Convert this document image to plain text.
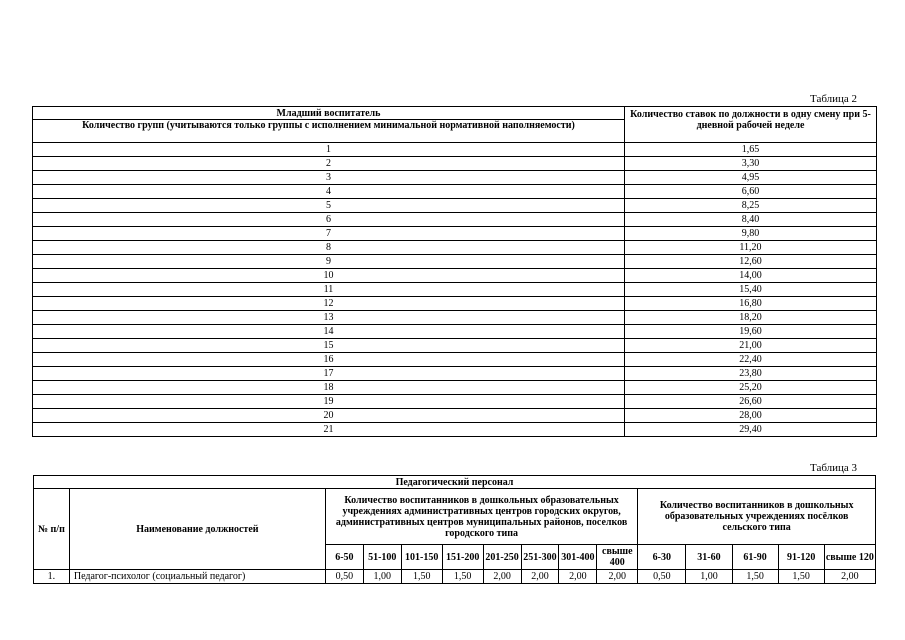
Таблица 2
Младший воспитатель	Количество ставок по должности в одну смену при 5-дневной рабочей неделе
Количество групп (учитываются только группы с исполнением минимальной нормативной наполняемости)	
1	1,65
2	3,30
3	4,95
4	6,60
5	8,25
6	8,40
7	9,80
8	11,20
9	12,60
10	14,00
11	15,40
12	16,80
13	18,20
14	19,60
15	21,00
16	22,40
17	23,80
18	25,20
19	26,60
20	28,00
21	29,40
Таблица 3
Педагогический персонал														
№ п/п	Наименование должностей	Количество воспитанников в дошкольных образовательных учреждениях административных центров городских округов, административных центров муниципальных районов, поселков городского типа								Количество воспитанников в дошкольных образовательных учреждениях посёлков сельского типа				
		6-50	51-100	101-150	151-200	201-250	251-300	301-400	свыше 400	6-30	31-60	61-90	91-120	свыше 120
1.	Педагог-психолог (социальный педагог)	0,50	1,00	1,50	1,50	2,00	2,00	2,00	2,00	0,50	1,00	1,50	1,50	2,00
